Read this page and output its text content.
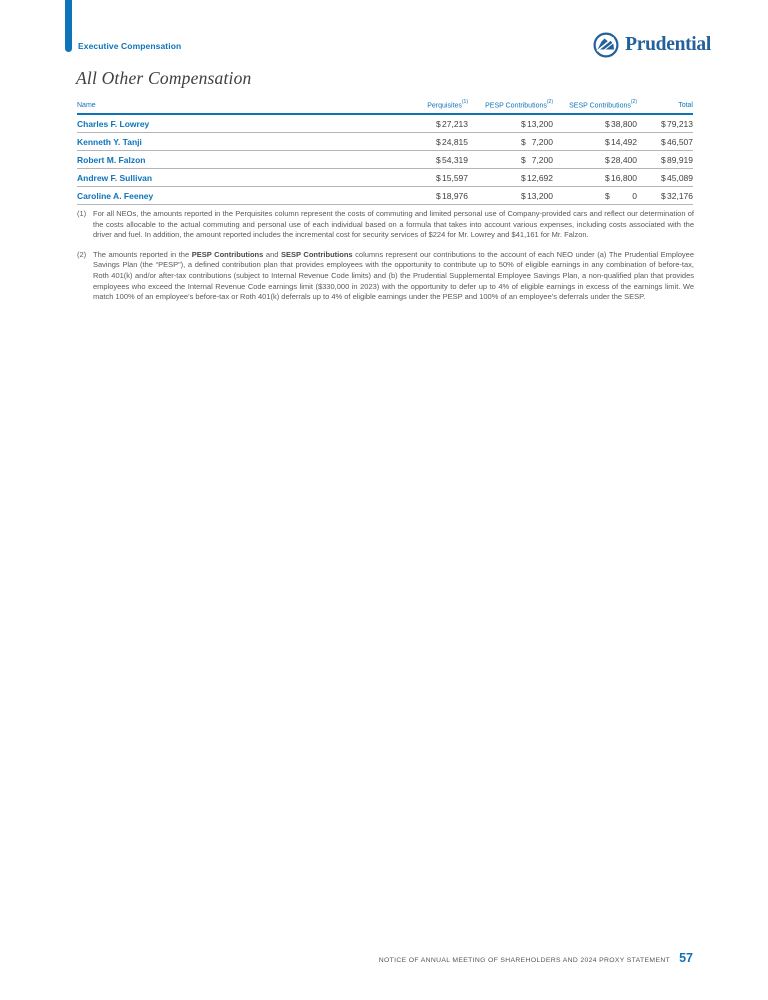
Executive Compensation	Prudential
All Other Compensation
Name	Perquisites$^{(1)}$	PESP Contributions$^{(2)}$	SESP Contributions$^{(2)}$	Total
Charles F. Lowrey	$ 27,213	$ 13,200	$ 38,800	$ 79,213

Kenneth Y. Tanji	$ 24,815	$ 7,200	$ 14,492	$ 46,507

Robert M. Falzon	$ 54,319	$ 7,200	$ 28,400	$ 89,919

Andrew F. Sullivan	$ 15,597	$ 12,692	$ 16,800	$ 45,089

Caroline A. Feeney	$ 18,976	$ 13,200	$ 0	$ 32,176
(1) For all NEOs, the amounts reported in the Perquisites column represent the costs of commuting and limited personal use of Company-provided cars and reflect our determination of the costs allocable to the actual commuting and personal use of each individual based on a formula that takes into account various expenses, including costs associated with the driver and fuel. In addition, the amount reported includes the incremental cost for security services of $224 for Mr. Lowrey and $41,161 for Mr. Falzon.

(2) The amounts reported in the PESP Contributions and SESP Contributions columns represent our contributions to the account of each NEO under (a) The Prudential Employee Savings Plan (the “PESP”), a defined contribution plan that provides employees with the opportunity to contribute up to 50% of eligible earnings in any combination of before-tax, Roth 401(k) and/or after-tax contributions (subject to Internal Revenue Code limits) and (b) the Prudential Supplemental Employee Savings Plan, a non-qualified plan that provides employees who exceed the Internal Revenue Code earnings limit ($330,000 in 2023) with the opportunity to defer up to 4% of eligible earnings in excess of the earnings limit. We match 100% of an employee’s before-tax or Roth 401(k) deferrals up to 4% of eligible earnings under the PESP and 100% of an employee’s deferrals under the SESP.

NOTICE OF ANNUAL MEETING OF SHAREHOLDERS AND 2024 PROXY STATEMENT 57
